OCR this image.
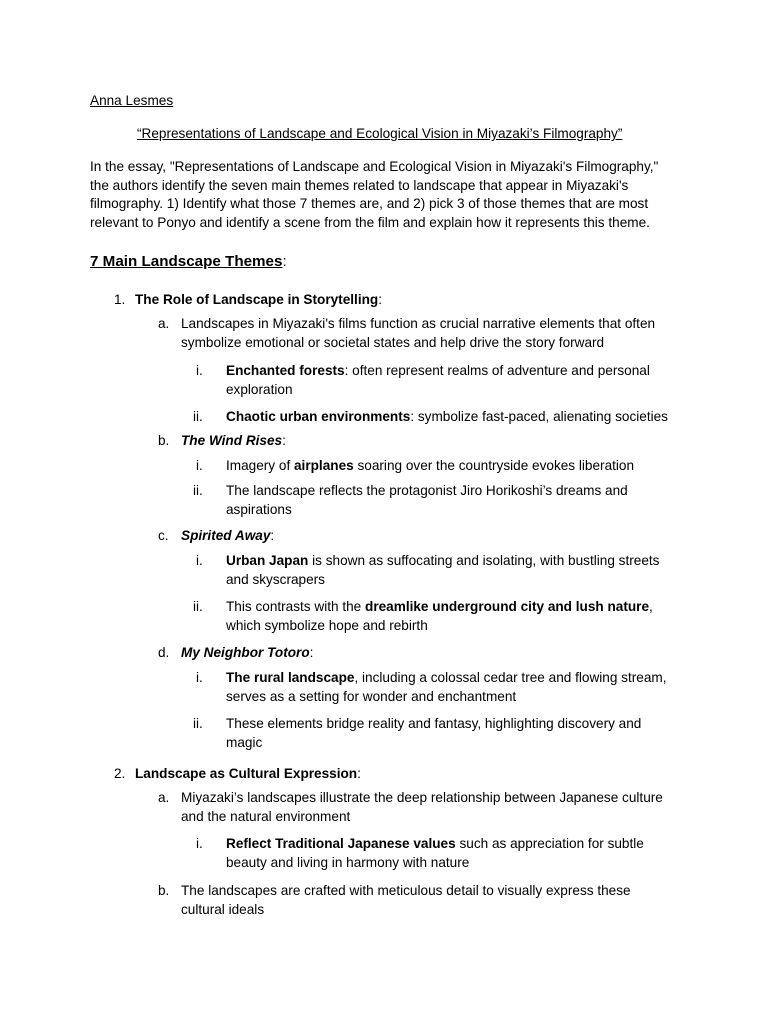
Anna Lesmes
“Representations of Landscape and Ecological Vision in Miyazaki’s Filmography”
In the essay, "Representations of Landscape and Ecological Vision in Miyazaki's Filmography,"
the authors identify the seven main themes related to landscape that appear in Miyazaki's
filmography. 1) Identify what those 7 themes are, and 2) pick 3 of those themes that are most
relevant to Ponyo and identify a scene from the film and explain how it represents this theme.
7 Main Landscape Themes:
1. The Role of Landscape in Storytelling:
a. Landscapes in Miyazaki's films function as crucial narrative elements that often
symbolize emotional or societal states and help drive the story forward
i. Enchanted forests: often represent realms of adventure and personal
exploration
ii. Chaotic urban environments: symbolize fast-paced, alienating societies
b. The Wind Rises:
i. Imagery of airplanes soaring over the countryside evokes liberation
ii. The landscape reflects the protagonist Jiro Horikoshi’s dreams and
aspirations
c. Spirited Away:
i. Urban Japan is shown as suffocating and isolating, with bustling streets
and skyscrapers
ii. This contrasts with the dreamlike underground city and lush nature,
which symbolize hope and rebirth
d. My Neighbor Totoro:
i. The rural landscape, including a colossal cedar tree and flowing stream,
serves as a setting for wonder and enchantment
ii. These elements bridge reality and fantasy, highlighting discovery and
magic
2. Landscape as Cultural Expression:
a. Miyazaki’s landscapes illustrate the deep relationship between Japanese culture
and the natural environment
i. Reflect Traditional Japanese values such as appreciation for subtle
beauty and living in harmony with nature
b. The landscapes are crafted with meticulous detail to visually express these
cultural ideals
